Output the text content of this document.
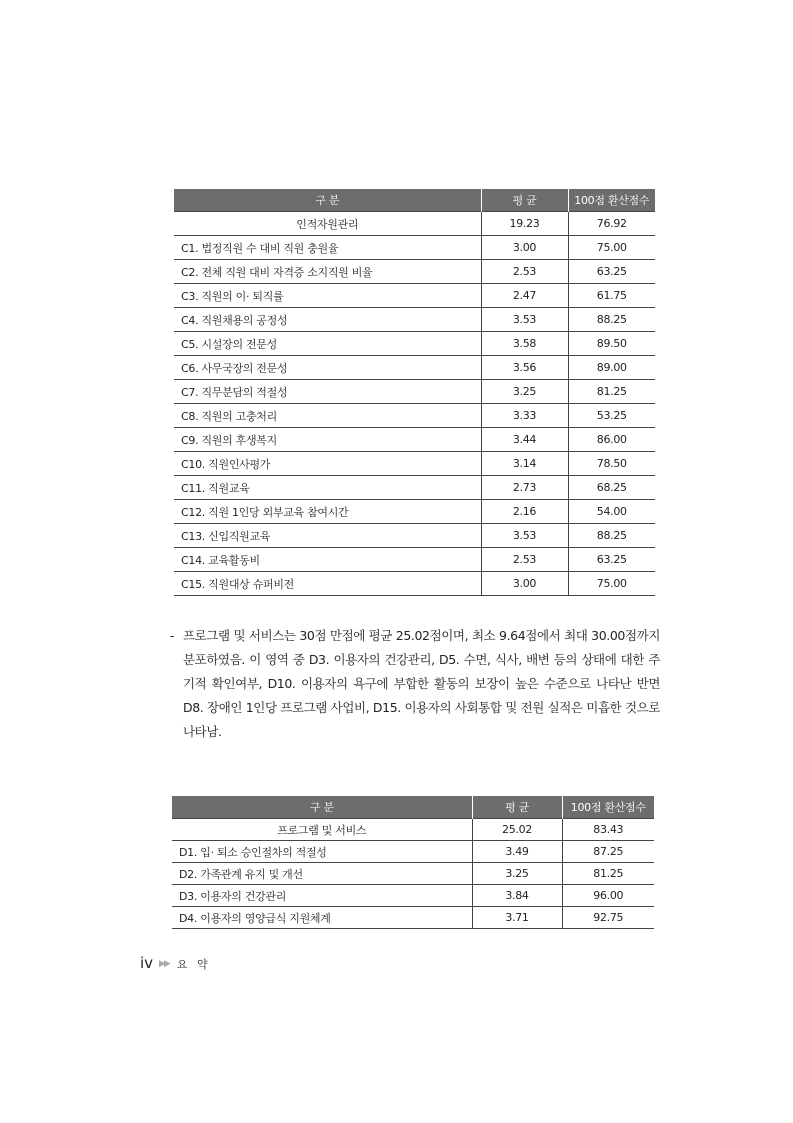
구 분	평 균	100점 환산점수
인적자원관리	19.23	76.92
C1. 법정직원 수 대비 직원 충원율	3.00	75.00
C2. 전체 직원 대비 자격증 소지직원 비율	2.53	63.25
C3. 직원의 이· 퇴직률	2.47	61.75
C4. 직원채용의 공정성	3.53	88.25
C5. 시설장의 전문성	3.58	89.50
C6. 사무국장의 전문성	3.56	89.00
C7. 직무분담의 적절성	3.25	81.25
C8. 직원의 고충처리	3.33	53.25
C9. 직원의 후생복지	3.44	86.00
C10. 직원인사평가	3.14	78.50
C11. 직원교육	2.73	68.25
C12. 직원 1인당 외부교육 참여시간	2.16	54.00
C13. 신입직원교육	3.53	88.25
C14. 교육활동비	2.53	63.25
C15. 직원대상 슈퍼비전	3.00	75.00
- 프로그램 및 서비스는 30점 만점에 평균 25.02점이며, 최소 9.64점에서 최대 30.00점까지 분포하였음. 이 영역 중 D3. 이용자의 건강관리, D5. 수면, 식사, 배변 등의 상태에 대한 주기적 확인여부, D10. 이용자의 욕구에 부합한 활동의 보장이 높은 수준으로 나타난 반면 D8. 장애인 1인당 프로그램 사업비, D15. 이용자의 사회통합 및 전원 실적은 미흡한 것으로 나타남.
구 분	평 균	100점 환산점수
프로그램 및 서비스	25.02	83.43
D1. 입· 퇴소 승인절차의 적절성	3.49	87.25
D2. 가족관계 유지 및 개선	3.25	81.25
D3. 이용자의 건강관리	3.84	96.00
D4. 이용자의 영양급식 지원체계	3.71	92.75
iv ▶▶ 요 약
